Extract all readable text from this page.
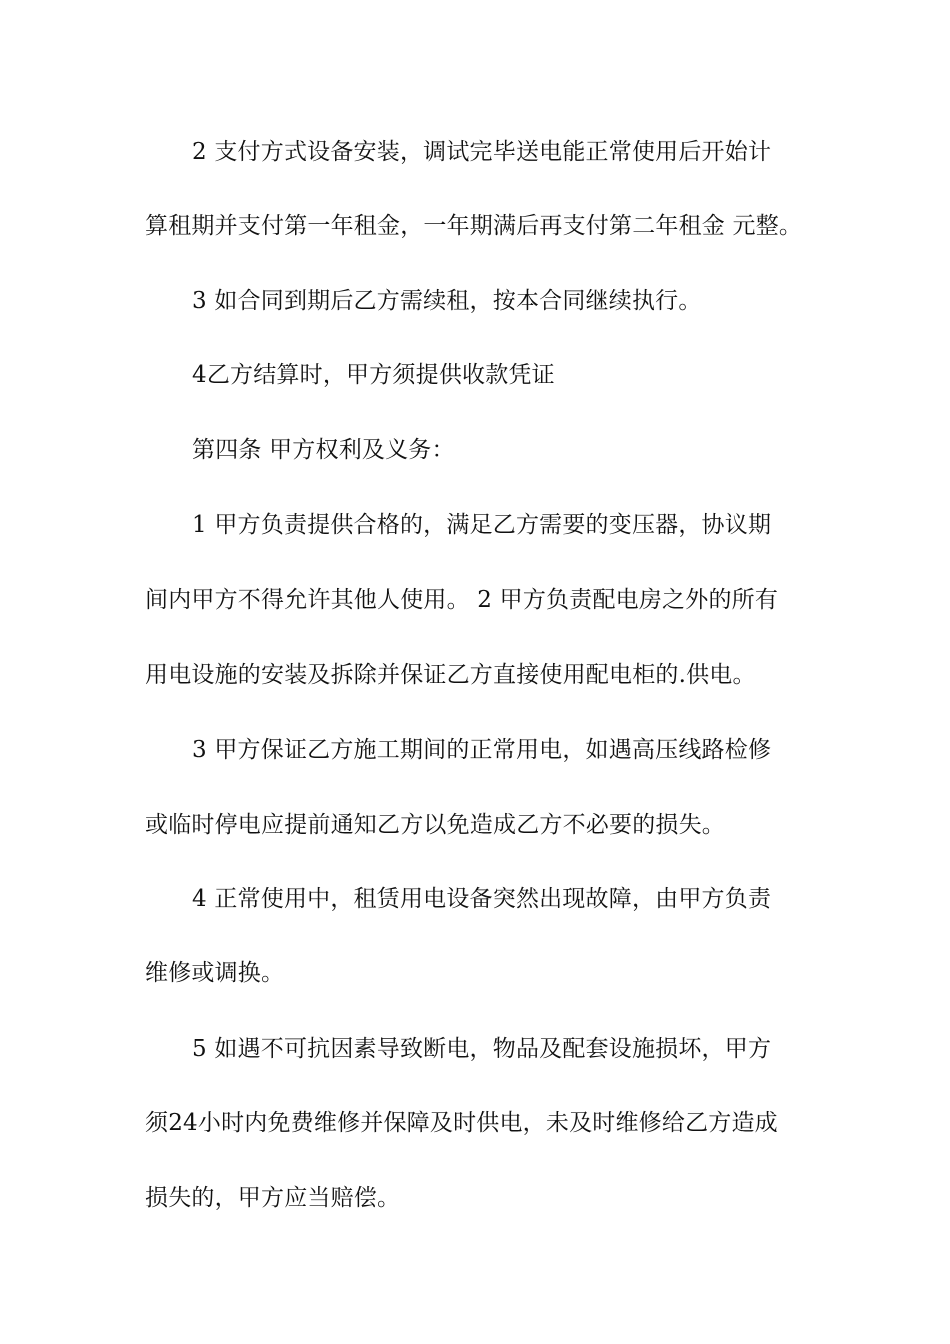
2 支付方式设备安装，调试完毕送电能正常使用后开始计
算租期并支付第一年租金，一年期满后再支付第二年租金 元整。
3 如合同到期后乙方需续租，按本合同继续执行。
4乙方结算时，甲方须提供收款凭证
第四条 甲方权利及义务：
1 甲方负责提供合格的，满足乙方需要的变压器，协议期
间内甲方不得允许其他人使用。 2 甲方负责配电房之外的所有
用电设施的安装及拆除并保证乙方直接使用配电柜的.供电。
3 甲方保证乙方施工期间的正常用电，如遇高压线路检修
或临时停电应提前通知乙方以免造成乙方不必要的损失。
4 正常使用中，租赁用电设备突然出现故障，由甲方负责
维修或调换。
5 如遇不可抗因素导致断电，物品及配套设施损坏，甲方
须24小时内免费维修并保障及时供电，未及时维修给乙方造成
损失的，甲方应当赔偿。
